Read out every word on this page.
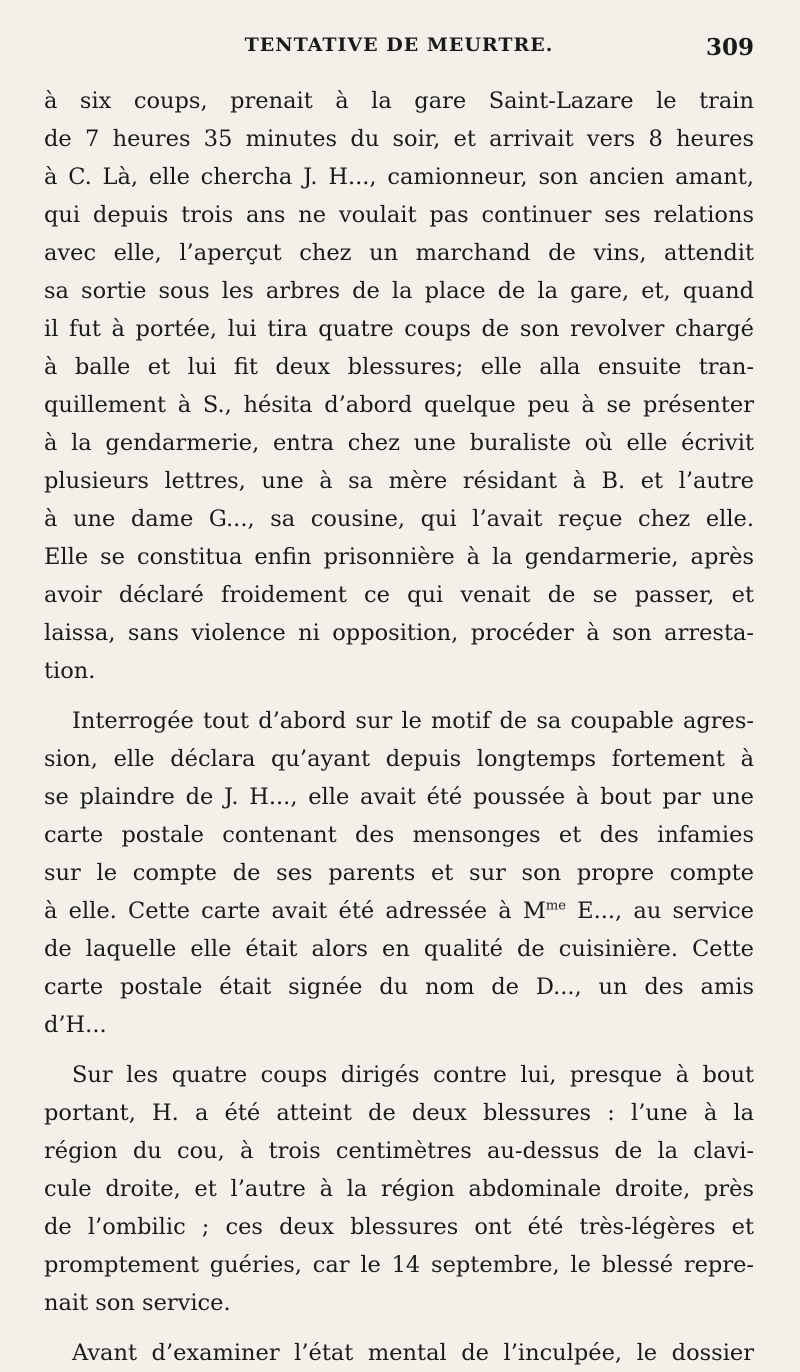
TENTATIVE DE MEURTRE.	309
à six coups, prenait à la gare Saint-Lazare le train
de 7 heures 35 minutes du soir, et arrivait vers 8 heures
à C. Là, elle chercha J. H..., camionneur, son ancien amant,
qui depuis trois ans ne voulait pas continuer ses relations
avec elle, l’aperçut chez un marchand de vins, attendit
sa sortie sous les arbres de la place de la gare, et, quand
il fut à portée, lui tira quatre coups de son revolver chargé
à balle et lui fit deux blessures; elle alla ensuite tran-
quillement à S., hésita d’abord quelque peu à se présenter
à la gendarmerie, entra chez une buraliste où elle écrivit
plusieurs lettres, une à sa mère résidant à B. et l’autre
à une dame G..., sa cousine, qui l’avait reçue chez elle.
Elle se constitua enfin prisonnière à la gendarmerie, après
avoir déclaré froidement ce qui venait de se passer, et
laissa, sans violence ni opposition, procéder à son arresta-
tion.
Interrogée tout d’abord sur le motif de sa coupable agres-
sion, elle déclara qu’ayant depuis longtemps fortement à
se plaindre de J. H..., elle avait été poussée à bout par une
carte postale contenant des mensonges et des infamies
sur le compte de ses parents et sur son propre compte
à elle. Cette carte avait été adressée à $M^{me}$ E..., au service
de laquelle elle était alors en qualité de cuisinière. Cette
carte postale était signée du nom de D..., un des amis
d’H...
Sur les quatre coups dirigés contre lui, presque à bout
portant, H. a été atteint de deux blessures : l’une à la
région du cou, à trois centimètres au-dessus de la clavi-
cule droite, et l’autre à la région abdominale droite, près
de l’ombilic ; ces deux blessures ont été très-légères et
promptement guéries, car le 14 septembre, le blessé repre-
nait son service.
Avant d’examiner l’état mental de l’inculpée, le dossier
